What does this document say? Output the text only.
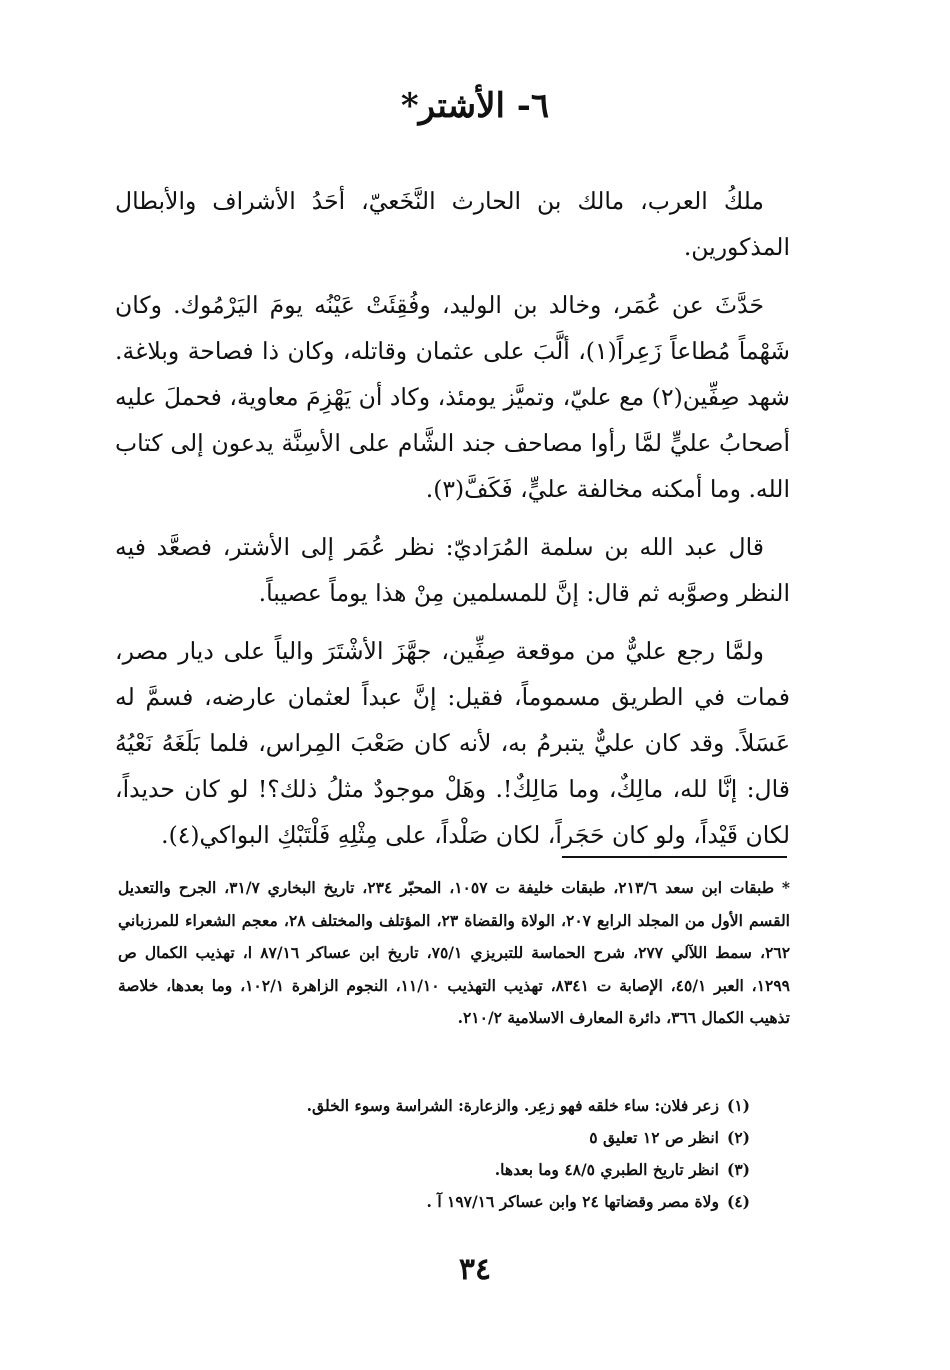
٦- الأشتر*

ملكُ العرب، مالك بن الحارث النَّخَعيّ، أحَدُ الأشراف والأبطال المذكورين.

حَدَّثَ عن عُمَر، وخالد بن الوليد، وفُقِئَتْ عَيْنُه يومَ اليَرْمُوك. وكان شَهْماً مُطاعاً زَعِراً(١)، ألَّبَ على عثمان وقاتله، وكان ذا فصاحة وبلاغة. شهد صِفِّين(٢) مع عليّ، وتميَّز يومئذ، وكاد أن يَهْزِمَ معاوية، فحملَ عليه أصحابُ عليٍّ لمَّا رأوا مصاحف جند الشَّام على الأسِنَّة يدعون إلى كتاب الله. وما أمكنه مخالفة عليٍّ، فَكَفَّ(٣).

قال عبد الله بن سلمة المُرَاديّ: نظر عُمَر إلى الأشتر، فصعَّد فيه النظر وصوَّبه ثم قال: إنَّ للمسلمين مِنْ هذا يوماً عصيباً.

ولمَّا رجع عليٌّ من موقعة صِفِّين، جهَّزَ الأشْتَرَ والياً على ديار مصر، فمات في الطريق مسموماً، فقيل: إنَّ عبداً لعثمان عارضه، فسمَّ له عَسَلاً. وقد كان عليٌّ يتبرمُ به، لأنه كان صَعْبَ المِراس، فلما بَلَغَهُ نَعْيُهُ قال: إنَّا لله، مالِكٌ، وما مَالِكٌ!. وهَلْ موجودٌ مثلُ ذلك؟! لو كان حديداً، لكان قَيْداً، ولو كان حَجَراً، لكان صَلْداً، على مِثْلِهِ فَلْتَبْكِ البواكي(٤).

* طبقات ابن سعد ٢١٣/٦، طبقات خليفة ت ١٠٥٧، المحبّر ٢٣٤، تاريخ البخاري ٣١/٧، الجرح والتعديل القسم الأول من المجلد الرابع ٢٠٧، الولاة والقضاة ٢٣، المؤتلف والمختلف ٢٨، معجم الشعراء للمرزباني ٢٦٢، سمط اللآلي ٢٧٧، شرح الحماسة للتبريزي ٧٥/١، تاريخ ابن عساكر ٨٧/١٦ ا، تهذيب الكمال ص ١٢٩٩، العبر ٤٥/١، الإصابة ت ٨٣٤١، تهذيب التهذيب ١١/١٠، النجوم الزاهرة ١٠٢/١، وما بعدها، خلاصة تذهيب الكمال ٣٦٦، دائرة المعارف الاسلامية ٢١٠/٢.

(١)زعر فلان: ساء خلقه فهو زعِر. والزعارة: الشراسة وسوء الخلق.
(٢)انظر ص ١٢ تعليق ٥
(٣)انظر تاريخ الطبري ٤٨/٥ وما بعدها.
(٤)ولاة مصر وقضاتها ٢٤ وابن عساكر ١٩٧/١٦ آ .
٣٤
